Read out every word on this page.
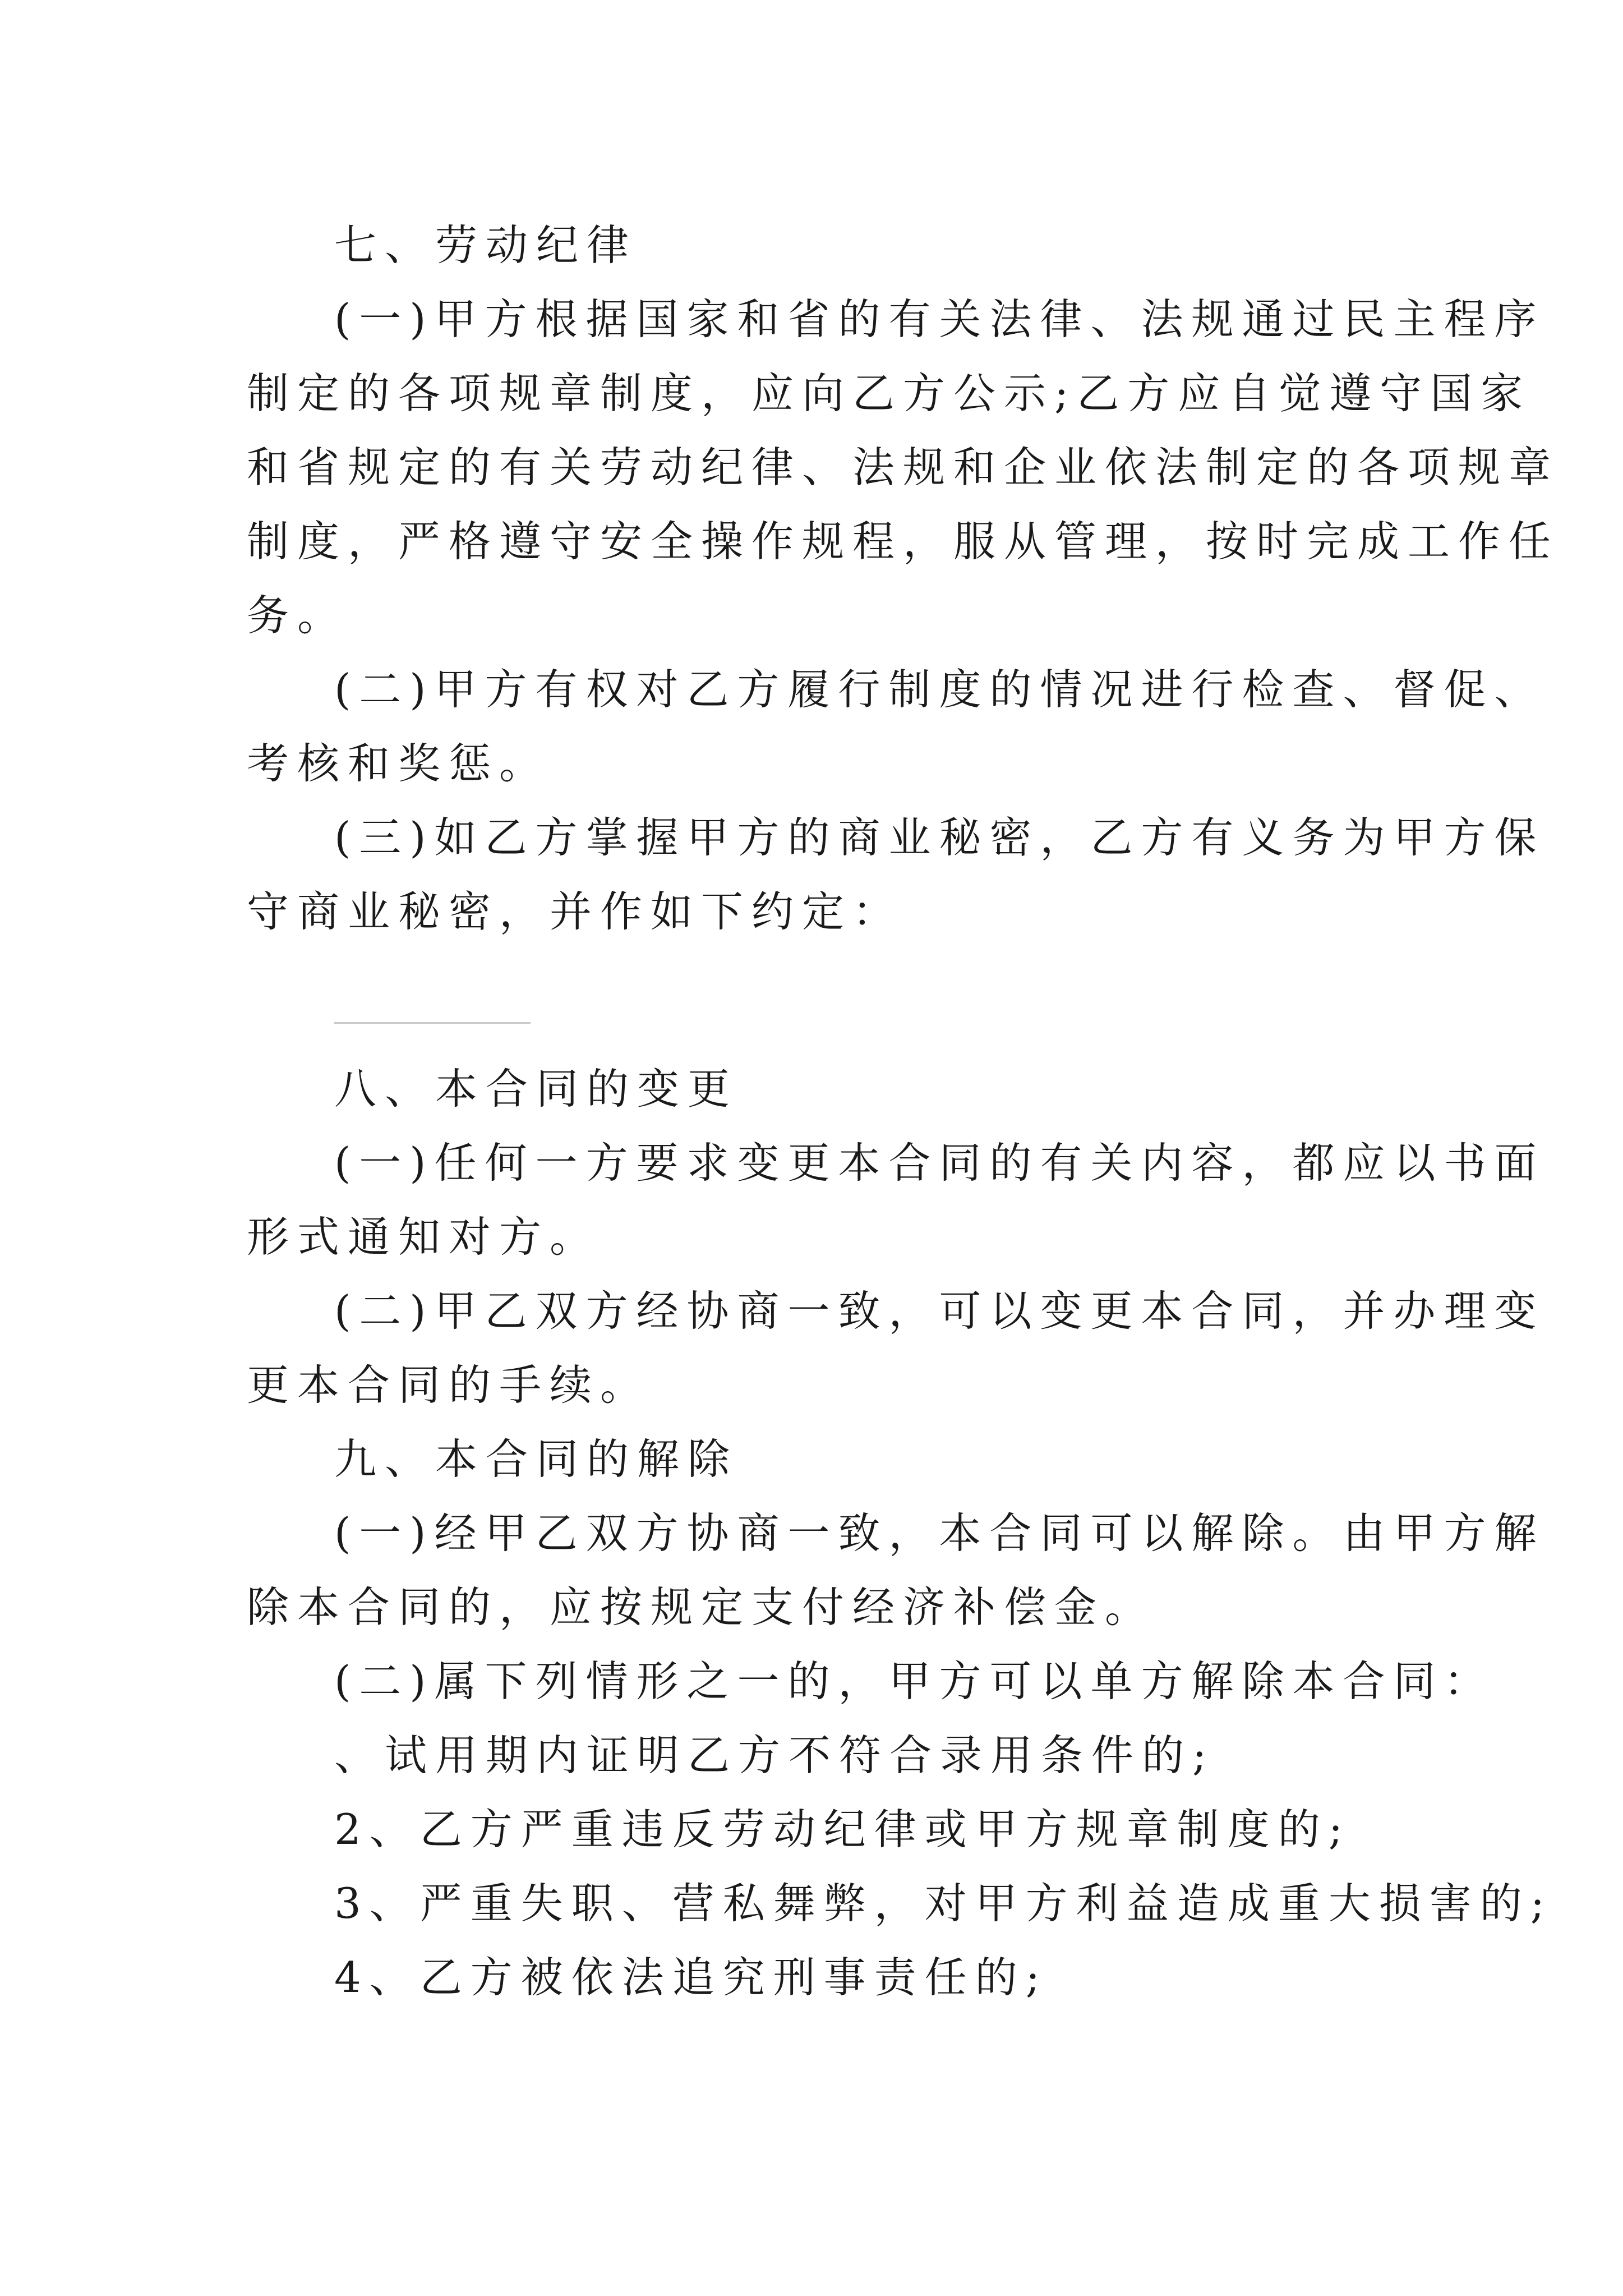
七、劳动纪律
(一)甲方根据国家和省的有关法律、法规通过民主程序
制定的各项规章制度，应向乙方公示;乙方应自觉遵守国家
和省规定的有关劳动纪律、法规和企业依法制定的各项规章
制度，严格遵守安全操作规程，服从管理，按时完成工作任
务。
(二)甲方有权对乙方履行制度的情况进行检查、督促、
考核和奖惩。
(三)如乙方掌握甲方的商业秘密，乙方有义务为甲方保
守商业秘密，并作如下约定：
八、本合同的变更
(一)任何一方要求变更本合同的有关内容，都应以书面
形式通知对方。
(二)甲乙双方经协商一致，可以变更本合同，并办理变
更本合同的手续。
九、本合同的解除
(一)经甲乙双方协商一致，本合同可以解除。由甲方解
除本合同的，应按规定支付经济补偿金。
(二)属下列情形之一的，甲方可以单方解除本合同：
、试用期内证明乙方不符合录用条件的;
2、乙方严重违反劳动纪律或甲方规章制度的;
3、严重失职、营私舞弊，对甲方利益造成重大损害的;
4、乙方被依法追究刑事责任的;
